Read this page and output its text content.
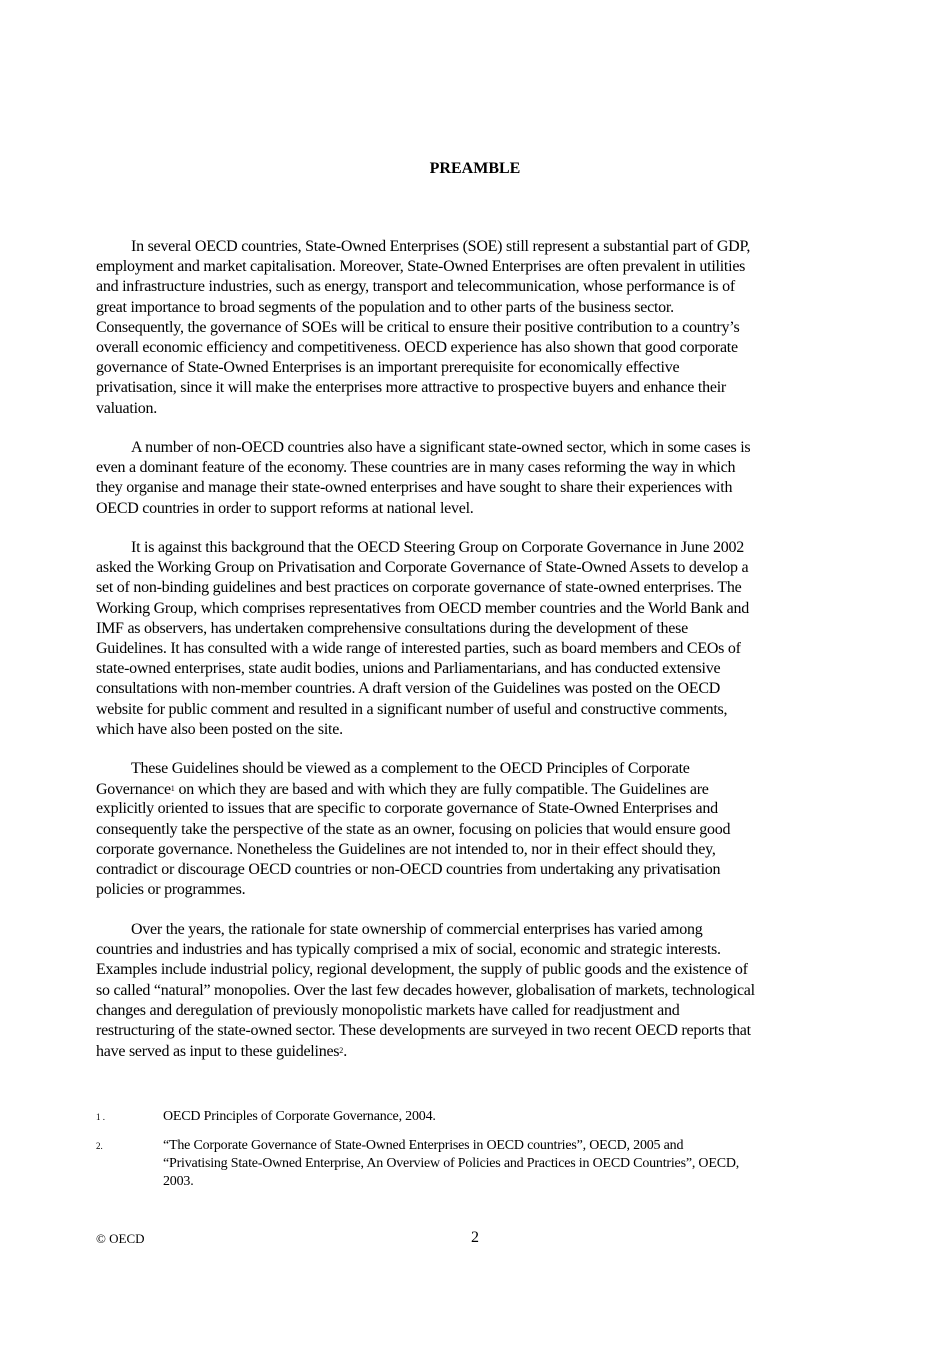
PREAMBLE
In several OECD countries, State-Owned Enterprises (SOE) still represent a substantial part of GDP,
employment and market capitalisation. Moreover, State-Owned Enterprises are often prevalent in utilities
and infrastructure industries, such as energy, transport and telecommunication, whose performance is of
great importance to broad segments of the population and to other parts of the business sector.
Consequently, the governance of SOEs will be critical to ensure their positive contribution to a country’s
overall economic efficiency and competitiveness. OECD experience has also shown that good corporate
governance of State-Owned Enterprises is an important prerequisite for economically effective
privatisation, since it will make the enterprises more attractive to prospective buyers and enhance their
valuation.
A number of non-OECD countries also have a significant state-owned sector, which in some cases is
even a dominant feature of the economy. These countries are in many cases reforming the way in which
they organise and manage their state-owned enterprises and have sought to share their experiences with
OECD countries in order to support reforms at national level.
It is against this background that the OECD Steering Group on Corporate Governance in June 2002
asked the Working Group on Privatisation and Corporate Governance of State-Owned Assets to develop a
set of non-binding guidelines and best practices on corporate governance of state-owned enterprises. The
Working Group, which comprises representatives from OECD member countries and the World Bank and
IMF as observers, has undertaken comprehensive consultations during the development of these
Guidelines. It has consulted with a wide range of interested parties, such as board members and CEOs of
state-owned enterprises, state audit bodies, unions and Parliamentarians, and has conducted extensive
consultations with non-member countries. A draft version of the Guidelines was posted on the OECD
website for public comment and resulted in a significant number of useful and constructive comments,
which have also been posted on the site.
These Guidelines should be viewed as a complement to the OECD Principles of Corporate
Governance$^1$ on which they are based and with which they are fully compatible. The Guidelines are
explicitly oriented to issues that are specific to corporate governance of State-Owned Enterprises and
consequently take the perspective of the state as an owner, focusing on policies that would ensure good
corporate governance. Nonetheless the Guidelines are not intended to, nor in their effect should they,
contradict or discourage OECD countries or non-OECD countries from undertaking any privatisation
policies or programmes.
Over the years, the rationale for state ownership of commercial enterprises has varied among
countries and industries and has typically comprised a mix of social, economic and strategic interests.
Examples include industrial policy, regional development, the supply of public goods and the existence of
so called “natural” monopolies. Over the last few decades however, globalisation of markets, technological
changes and deregulation of previously monopolistic markets have called for readjustment and
restructuring of the state-owned sector. These developments are surveyed in two recent OECD reports that
have served as input to these guidelines$^2$.
1 .	OECD Principles of Corporate Governance, 2004.
2.	“The Corporate Governance of State-Owned Enterprises in OECD countries”, OECD, 2005 and
“Privatising State-Owned Enterprise, An Overview of Policies and Practices in OECD Countries”, OECD,
2003.
© OECD	2
